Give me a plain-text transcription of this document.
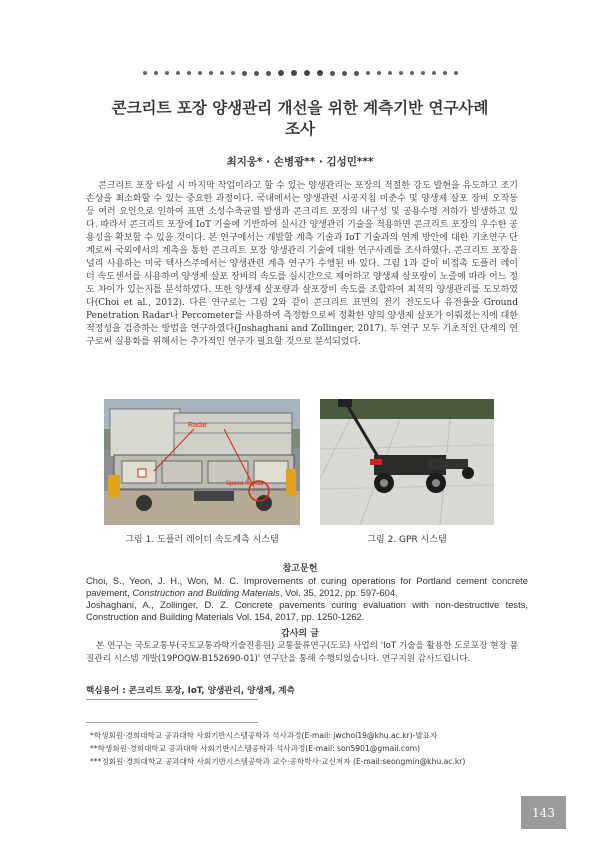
콘크리트 포장 양생관리 개선을 위한 계측기반 연구사례
조사
최지웅* · 손병광** · 김성민***

콘크리트 포장 타설 시 마지막 작업이라고 할 수 있는 양생관리는 포장의 적절한 강도 발현을 유도하고 조기손상을 최소화할 수 있는 중요한 과정이다. 국내에서는 양생관련 시공지침 미준수 및 양생제 살포 장비 오작동 등 여러 요인으로 인하여 표면 소성수축균열 발생과 콘크리트 포장의 내구성 및 공용수명 저하가 발생하고 있다. 따라서 콘크리트 포장에 IoT 기술에 기반하여 실시간 양생관리 기술을 적용하면 콘크리트 포장의 우수한 공용성을 확보할 수 있을 것이다. 본 연구에서는 개발할 계측 기술과 IoT 기술과의 연계 방안에 대한 기초연구 단계로써 국외에서의 계측을 통한 콘크리트 포장 양생관리 기술에 대한 연구사례를 조사하였다. 콘크리트 포장을 널리 사용하는 미국 텍사스주에서는 양생관련 계측 연구가 수행된 바 있다. 그림 1과 같이 비접촉 도플러 레이더 속도센서를 사용하여 양생제 살포 장비의 속도를 실시간으로 제어하고 양생제 살포량이 노즐에 따라 어느 정도 차이가 있는지를 분석하였다. 또한 양생제 살포량과 살포장비 속도를 조합하여 최적의 양생관리를 도모하였다(Choi et al., 2012). 다른 연구로는 그림 2와 같이 콘크리트 표면의 전기 전도도나 유전율을 Ground Penetration Radar나 Percometer를 사용하여 측정함으로써 정확한 양의 양생제 살포가 이뤄졌는지에 대한 적정성을 검증하는 방법을 연구하였다(Joshaghani and Zollinger, 2017). 두 연구 모두 기초적인 단계의 연구로써 실용화를 위해서는 추가적인 연구가 필요할 것으로 분석되었다.

Radar
Speed Sensor
그림 1. 도플러 레이더 속도계측 시스템	그림 2. GPR 시스템
참고문헌

Choi, S., Yeon, J. H., Won, M. C. Improvements of curing operations for Portland cement concrete pavement, Construction and Building Materials, Vol. 35, 2012, pp. 597-604.

Joshaghani, A., Zollinger, D. Z. Concrete pavements curing evaluation with non-destructive tests, Construction and Building Materials Vol. 154, 2017, pp. 1250-1262.

감사의 글

본 연구는 국토교통부(국토교통과학기술진흥원) 교통물류연구(도로) 사업의 'IoT 기술을 활용한 도로포장 현장 품질관리 시스템 개발(19POQW-B152690-01)' 연구단을 통해 수행되었습니다. 연구지원 감사드립니다.

핵심용어 : 콘크리트 포장, IoT, 양생관리, 양생제, 계측
*학생회원·경희대학교 공과대학 사회기반시스템공학과 석사과정(E-mail: jwchoi19@khu.ac.kr)-발표자
**학생회원·경희대학교 공과대학 사회기반시스템공학과 석사과정(E-mail: son5901@gmail.com)
***정회원·경희대학교 공과대학 사회기반시스템공학과 교수·공학박사·교신저자 (E-mail:seongmin@khu.ac.kr)
143
